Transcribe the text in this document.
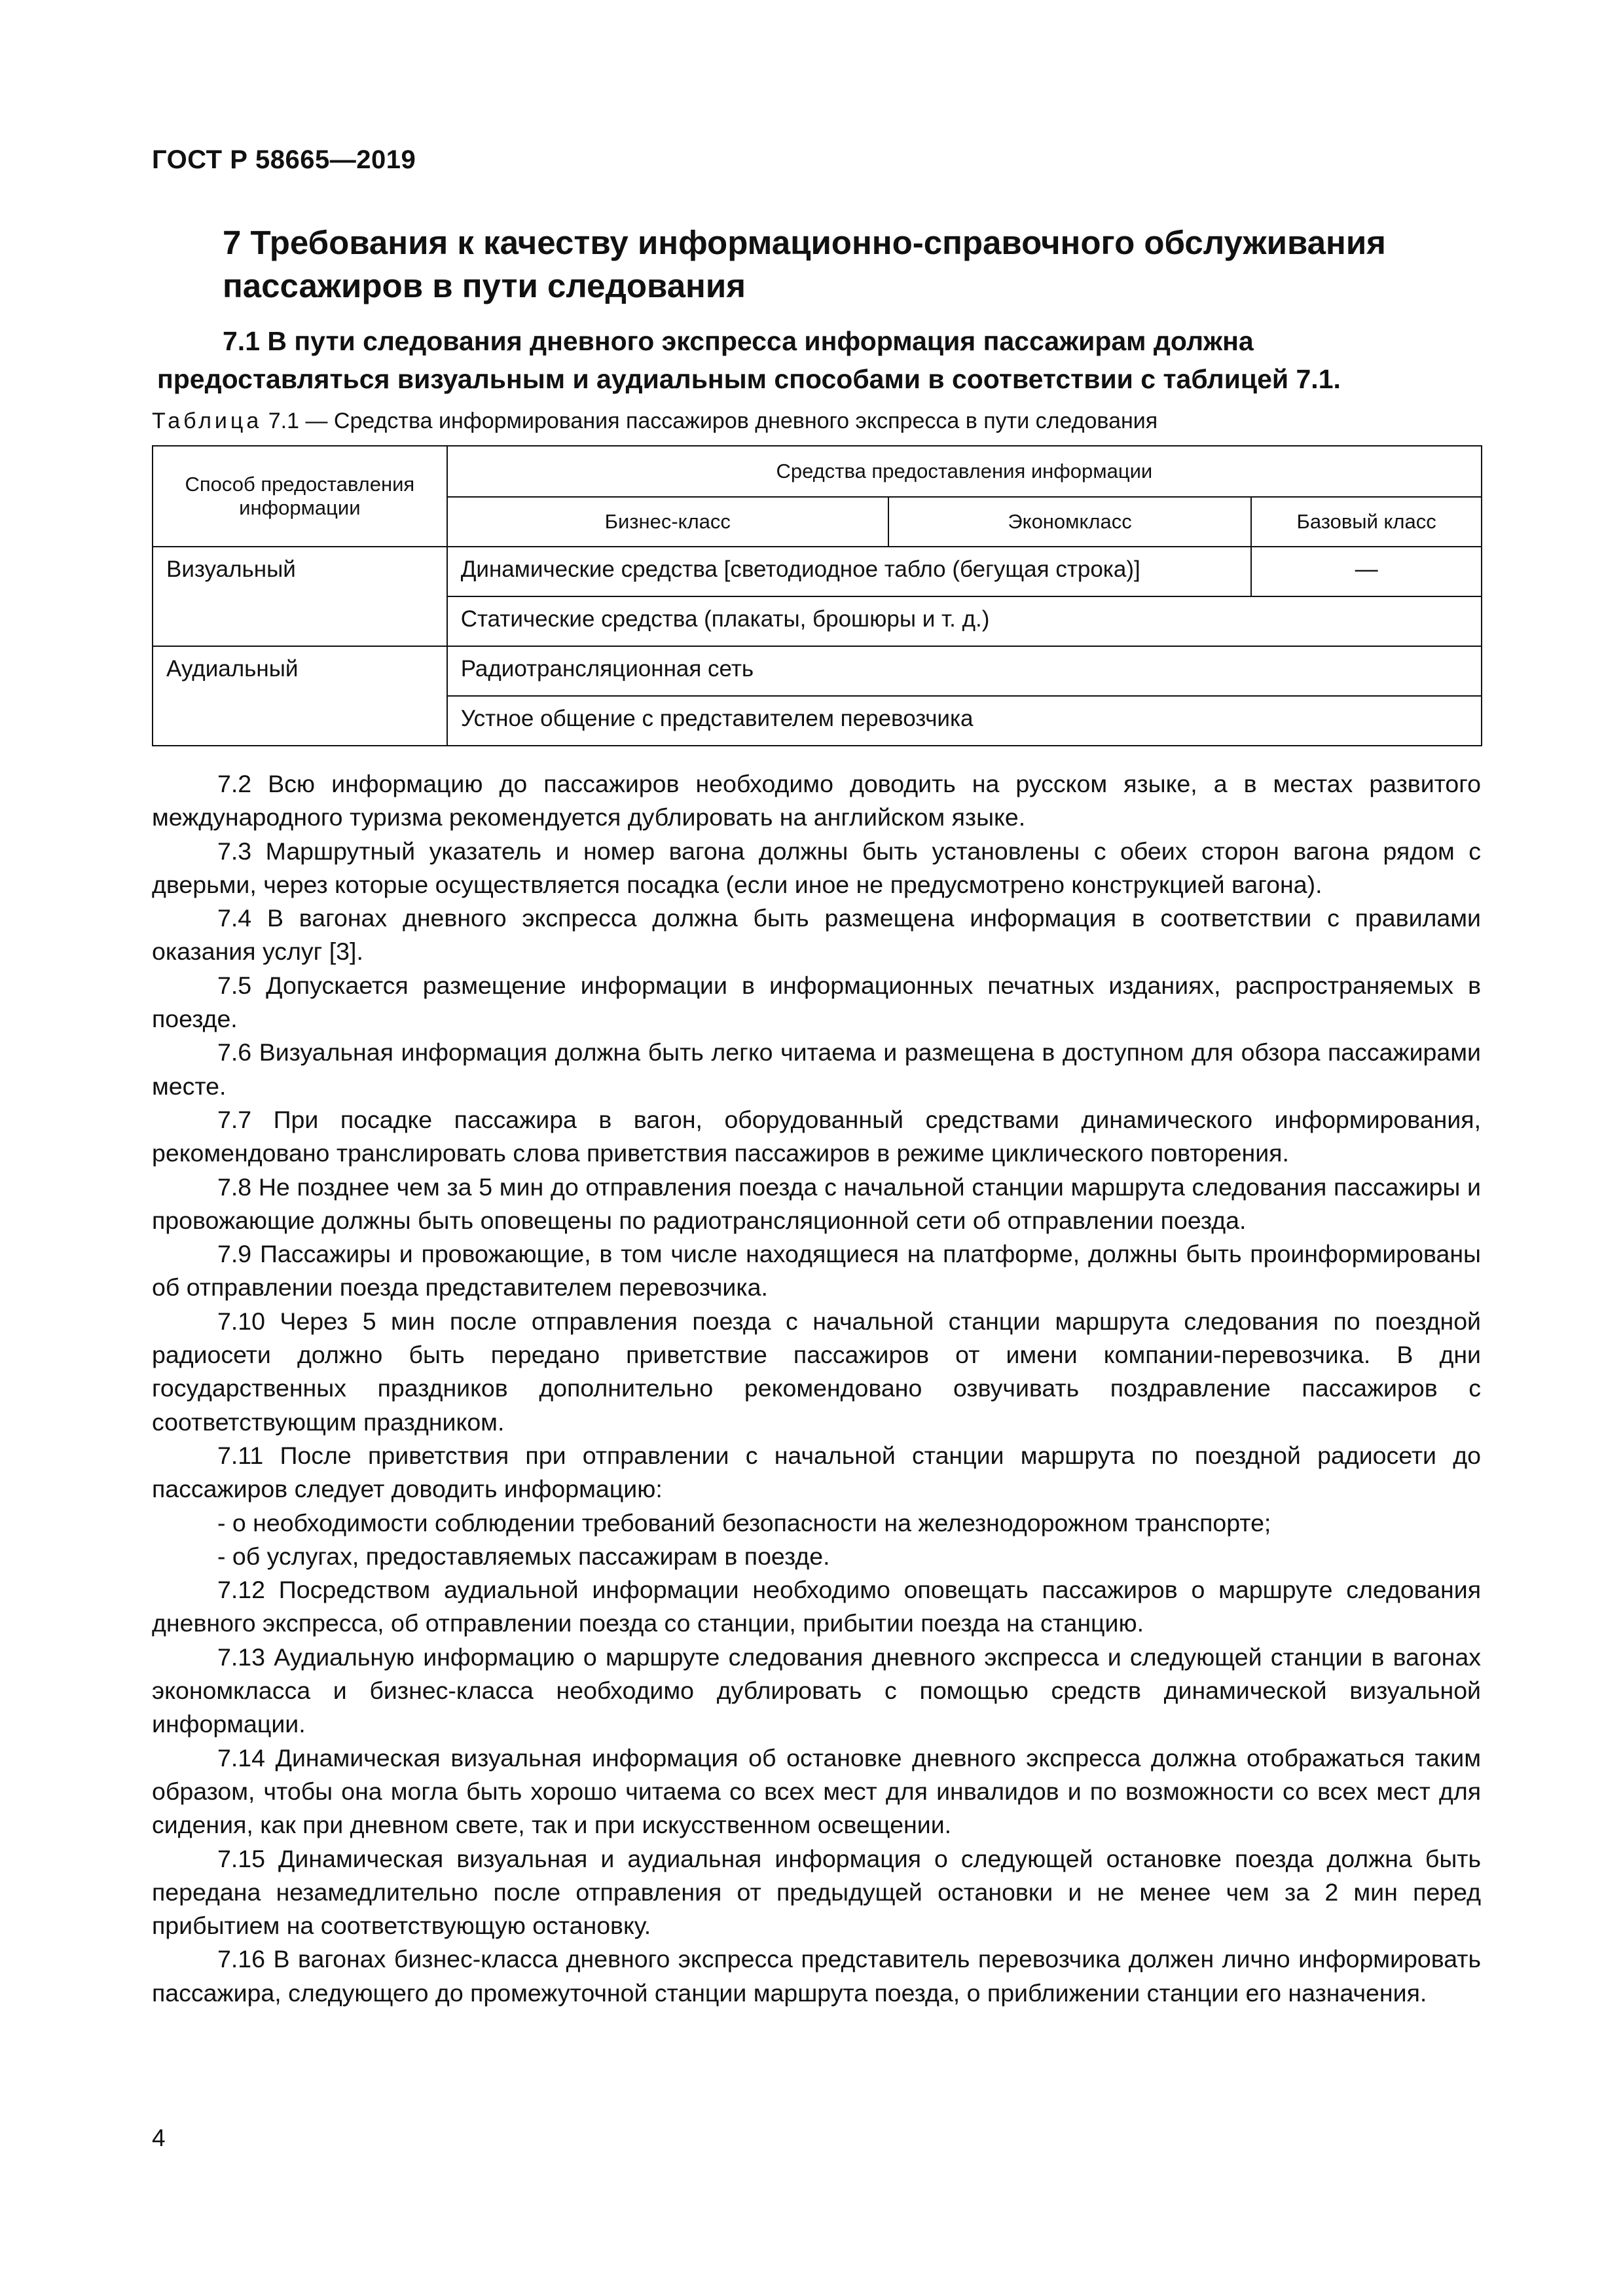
ГОСТ Р 58665—2019
7 Требования к качеству информационно-справочного обслуживания пассажиров в пути следования
7.1 В пути следования дневного экспресса информация пассажирам должна
предоставляться визуальным и аудиальным способами в соответствии с таблицей 7.1.
Таблица 7.1 — Средства информирования пассажиров дневного экспресса в пути следования
Способ предоставления информации	Средства предоставления информации		
	Бизнес-класс	Экономкласс	Базовый класс
Визуальный	Динамические средства [светодиодное табло (бегущая строка)]		—
	Статические средства (плакаты, брошюры и т. д.)		
Аудиальный	Радиотрансляционная сеть		
	Устное общение с представителем перевозчика		

7.2 Всю информацию до пассажиров необходимо доводить на русском языке, а в местах развитого международного туризма рекомендуется дублировать на английском языке.

7.3 Маршрутный указатель и номер вагона должны быть установлены с обеих сторон вагона рядом с дверьми, через которые осуществляется посадка (если иное не предусмотрено конструкцией вагона).

7.4 В вагонах дневного экспресса должна быть размещена информация в соответствии с правилами оказания услуг [3].

7.5 Допускается размещение информации в информационных печатных изданиях, распространяемых в поезде.

7.6 Визуальная информация должна быть легко читаема и размещена в доступном для обзора пассажирами месте.

7.7 При посадке пассажира в вагон, оборудованный средствами динамического информирования, рекомендовано транслировать слова приветствия пассажиров в режиме циклического повторения.

7.8 Не позднее чем за 5 мин до отправления поезда с начальной станции маршрута следования пассажиры и провожающие должны быть оповещены по радиотрансляционной сети об отправлении поезда.

7.9 Пассажиры и провожающие, в том числе находящиеся на платформе, должны быть проинформированы об отправлении поезда представителем перевозчика.

7.10 Через 5 мин после отправления поезда с начальной станции маршрута следования по поездной радиосети должно быть передано приветствие пассажиров от имени компании-перевозчика. В дни государственных праздников дополнительно рекомендовано озвучивать поздравление пассажиров с соответствующим праздником.

7.11 После приветствия при отправлении с начальной станции маршрута по поездной радиосети до пассажиров следует доводить информацию:

- о необходимости соблюдении требований безопасности на железнодорожном транспорте;

- об услугах, предоставляемых пассажирам в поезде.

7.12 Посредством аудиальной информации необходимо оповещать пассажиров о маршруте следования дневного экспресса, об отправлении поезда со станции, прибытии поезда на станцию.

7.13 Аудиальную информацию о маршруте следования дневного экспресса и следующей станции в вагонах экономкласса и бизнес-класса необходимо дублировать с помощью средств динамической визуальной информации.

7.14 Динамическая визуальная информация об остановке дневного экспресса должна отображаться таким образом, чтобы она могла быть хорошо читаема со всех мест для инвалидов и по возможности со всех мест для сидения, как при дневном свете, так и при искусственном освещении.

7.15 Динамическая визуальная и аудиальная информация о следующей остановке поезда должна быть передана незамедлительно после отправления от предыдущей остановки и не менее чем за 2 мин перед прибытием на соответствующую остановку.

7.16 В вагонах бизнес-класса дневного экспресса представитель перевозчика должен лично информировать пассажира, следующего до промежуточной станции маршрута поезда, о приближении станции его назначения.

4
